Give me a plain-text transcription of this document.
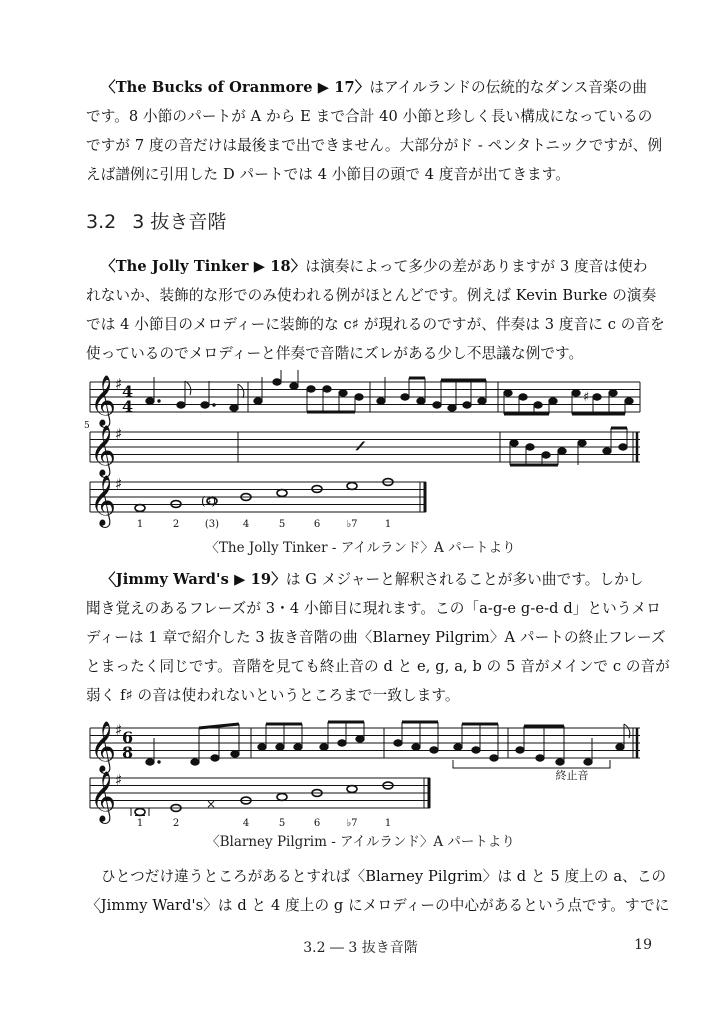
〈The Bucks of Oranmore ▶ 17〉はアイルランドの伝統的なダンス音楽の曲
です。8 小節のパートが A から E まで合計 40 小節と珍しく長い構成になっているの
ですが 7 度の音だけは最後まで出できません。大部分がド - ペンタトニックですが、例
えば譜例に引用した D パートでは 4 小節目の頭で 4 度音が出てきます。
3.2 3 抜き音階
〈The Jolly Tinker ▶ 18〉は演奏によって多少の差がありますが 3 度音は使わ
れないか、装飾的な形でのみ使われる例がほとんどです。例えば Kevin Burke の演奏
では 4 小節目のメロディーに装飾的な c♯ が現れるのですが、伴奏は 3 度音に c の音を
使っているのでメロディーと伴奏で音階にズレがある少し不思議な例です。
𝄞
𝄞
𝄞
♯
♯
♯
4
4
5
♯
𝄍
(♯)
1	2	(3) 4	5	6	♭7	1
〈The Jolly Tinker - アイルランド〉A パートより
〈Jimmy Ward's ▶ 19〉は G メジャーと解釈されることが多い曲です。しかし
聞き覚えのあるフレーズが 3・4 小節目に現れます。この「a-g-e g-e-d d」というメロ
ディーは 1 章で紹介した 3 抜き音階の曲〈Blarney Pilgrim〉A パートの終止フレーズ
とまったく同じです。音階を見ても終止音の d と e, g, a, b の 5 音がメインで c の音が
弱く f♯ の音は使われないというところまで一致します。
𝄞
𝄞
♯
♯
6
8
終止音
×
1	2	4	5	6	♭7	1
〈Blarney Pilgrim - アイルランド〉A パートより
ひとつだけ違うところがあるとすれば〈Blarney Pilgrim〉は d と 5 度上の a、この
〈Jimmy Ward's〉は d と 4 度上の g にメロディーの中心があるという点です。すでに
3.2 ― 3 抜き音階	19
